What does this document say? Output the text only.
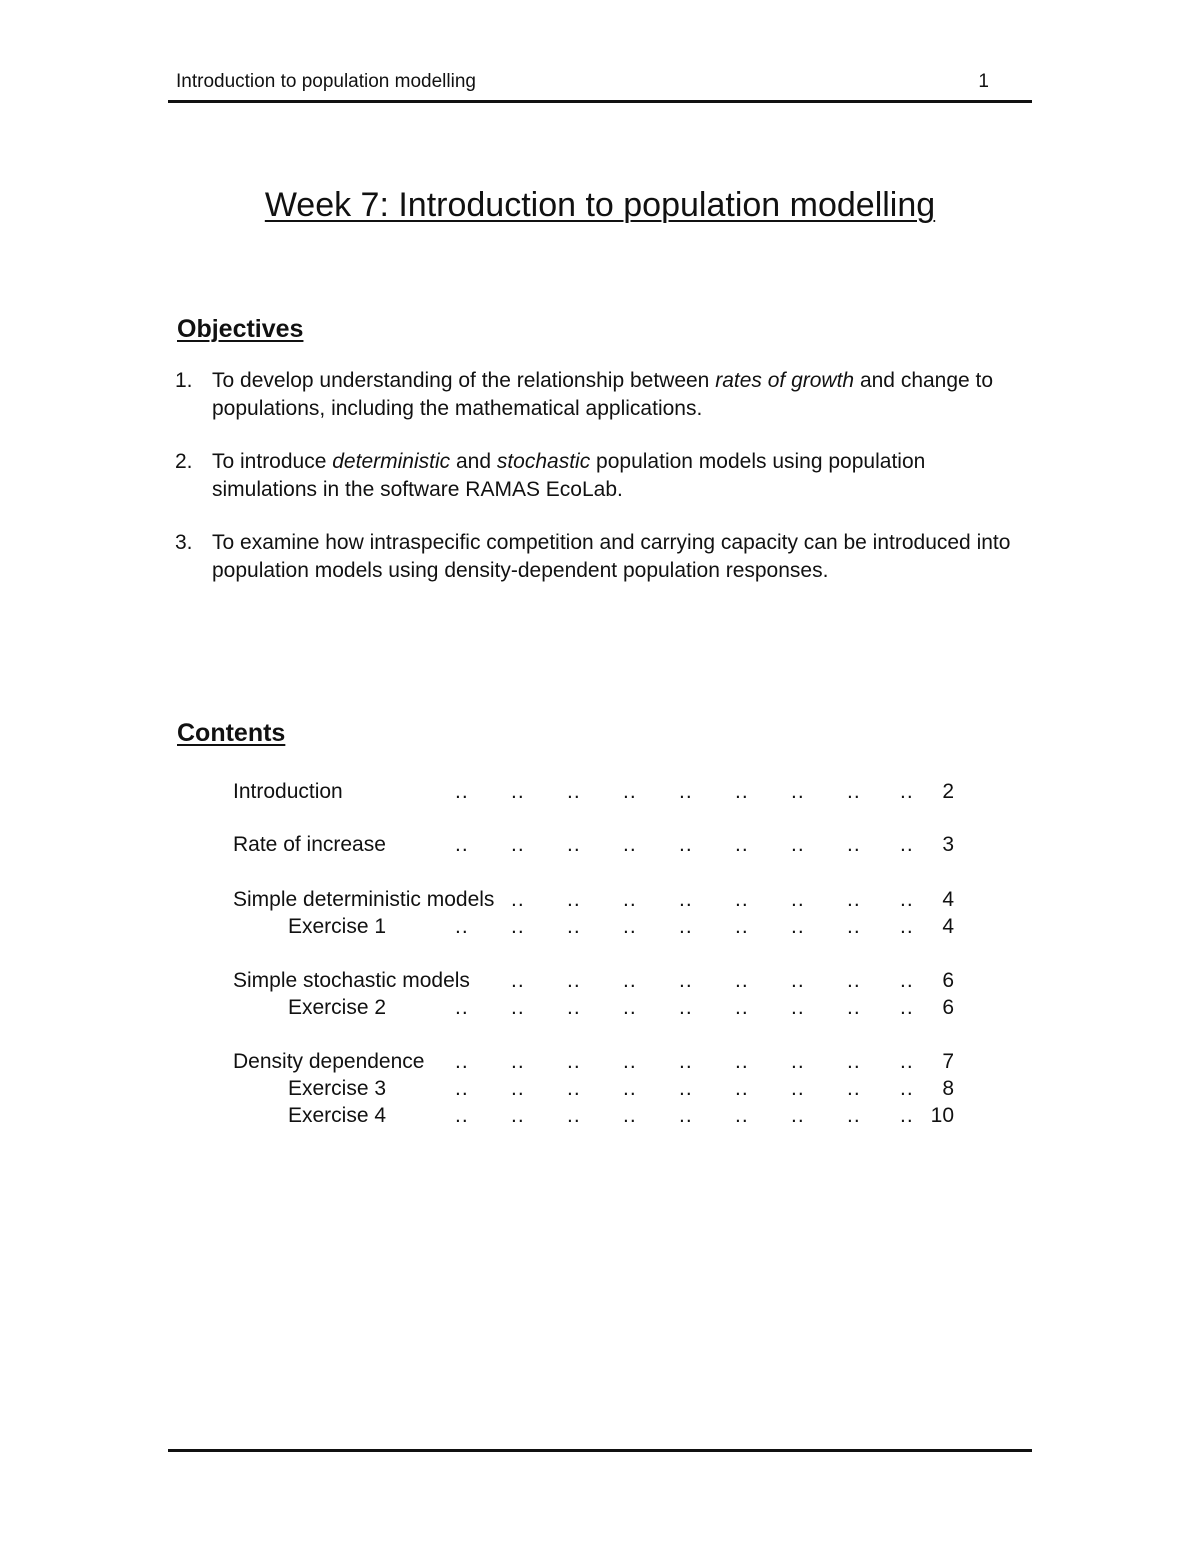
Introduction to population modelling	1
Week 7: Introduction to population modelling
Objectives
1. To develop understanding of the relationship between rates of growth and change to populations, including the mathematical applications.
2. To introduce deterministic and stochastic population models using population simulations in the software RAMAS EcoLab.
3. To examine how intraspecific competition and carrying capacity can be introduced into population models using density-dependent population responses.
Contents
Introduction	.. .. .. .. .. .. .. .. .. 2
Rate of increase	.. .. .. .. .. .. .. .. .. 3
Simple deterministic models .. .. .. .. .. .. .. .. 4
Exercise 1	.. .. .. .. .. .. .. .. .. 4
Simple stochastic models .. .. .. .. .. .. .. .. 6
Exercise 2	.. .. .. .. .. .. .. .. .. 6
Density dependence .. .. .. .. .. .. .. .. .. 7
Exercise 3	.. .. .. .. .. .. .. .. .. 8
Exercise 4	.. .. .. .. .. .. .. .. .. 10
